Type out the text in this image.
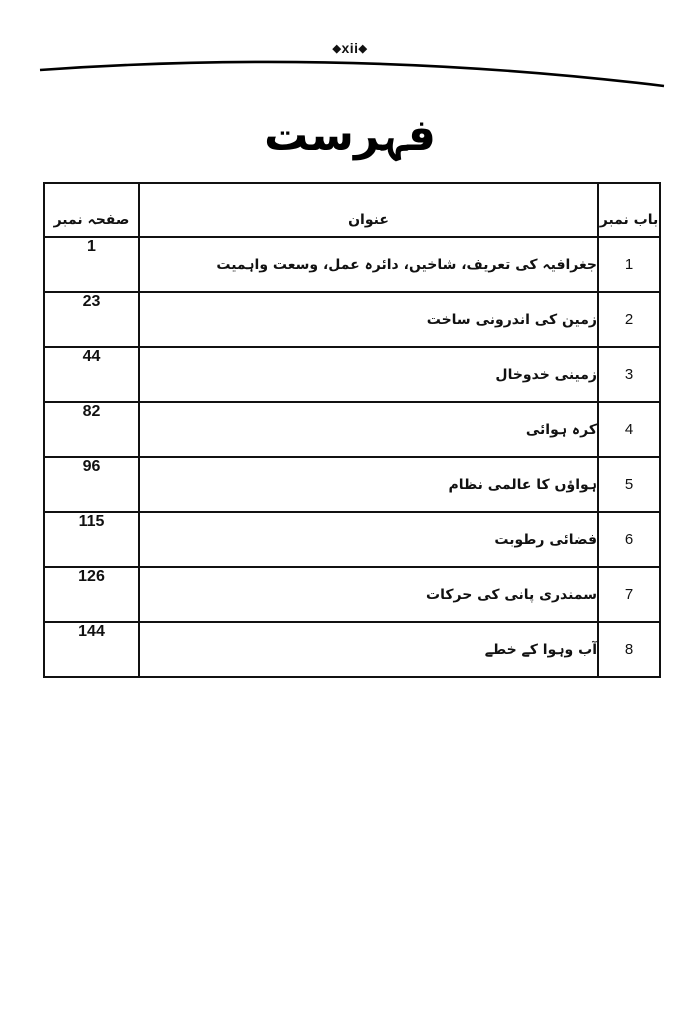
◆xii◆
فہرست
باب نمبر	عنوان	صفحہ نمبر
1	جغرافیہ کی تعریف، شاخیں، دائرہ عمل، وسعت واہمیت	1
2	زمین کی اندرونی ساخت	23
3	زمینی خدوخال	44
4	کرہ ہوائی	82
5	ہواؤں کا عالمی نظام	96
6	فضائی رطوبت	115
7	سمندری پانی کی حرکات	126
8	آب وہوا کے خطے	144
